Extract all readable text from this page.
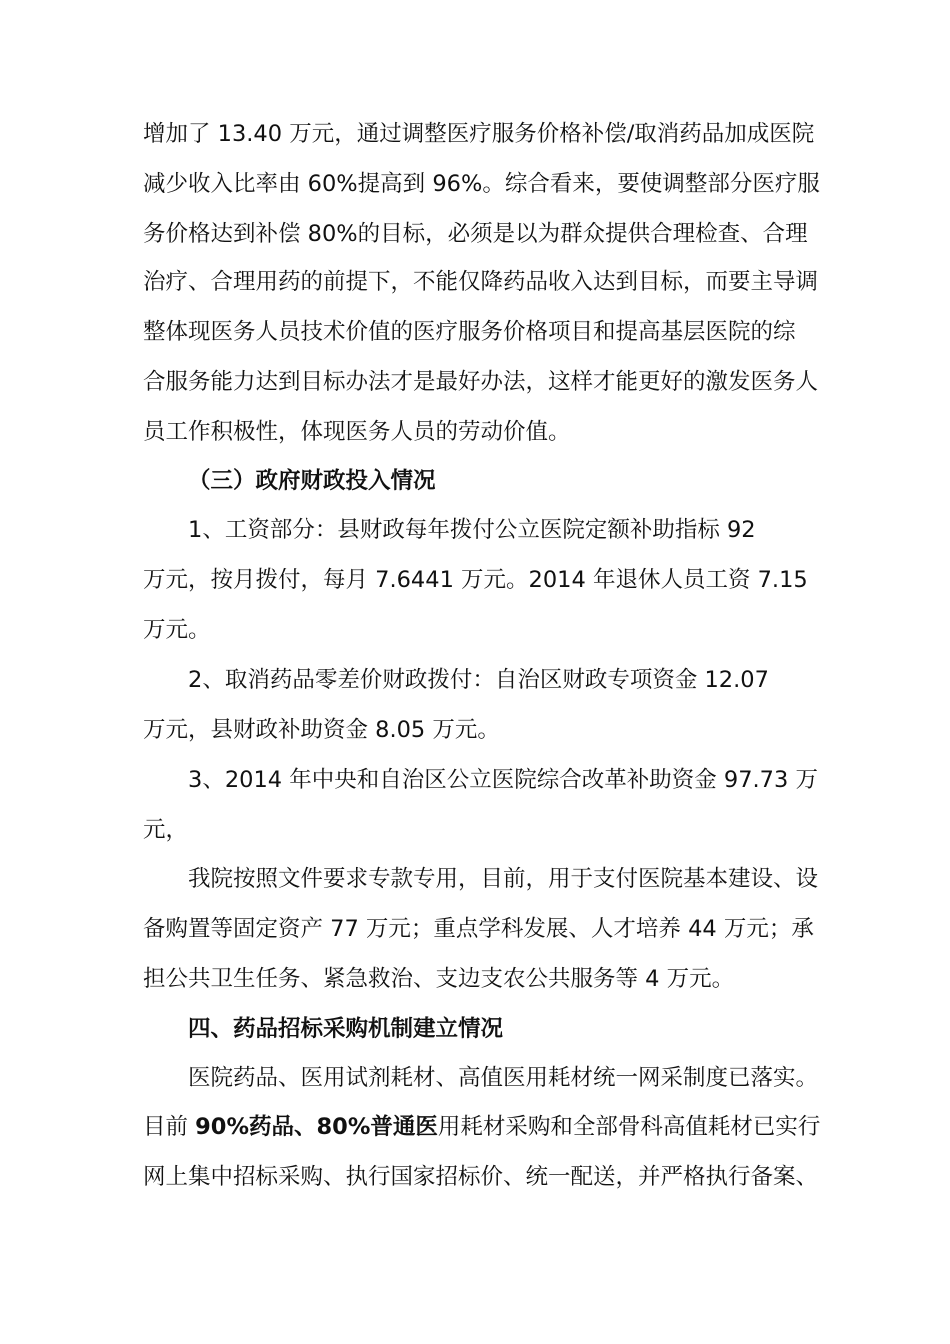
增加了 13.40 万元，通过调整医疗服务价格补偿/取消药品加成医院
减少收入比率由 60%提高到 96%。综合看来，要使调整部分医疗服
务价格达到补偿 80%的目标，必须是以为群众提供合理检查、合理
治疗、合理用药的前提下，不能仅降药品收入达到目标，而要主导调
整体现医务人员技术价值的医疗服务价格项目和提高基层医院的综
合服务能力达到目标办法才是最好办法，这样才能更好的激发医务人
员工作积极性，体现医务人员的劳动价值。
（三）政府财政投入情况
1、工资部分：县财政每年拨付公立医院定额补助指标 92
万元，按月拨付，每月 7.6441 万元。2014 年退休人员工资 7.15
万元。
2、取消药品零差价财政拨付：自治区财政专项资金 12.07
万元，县财政补助资金 8.05 万元。
3、2014 年中央和自治区公立医院综合改革补助资金 97.73 万
元，
我院按照文件要求专款专用，目前，用于支付医院基本建设、设
备购置等固定资产 77 万元；重点学科发展、人才培养 44 万元；承
担公共卫生任务、紧急救治、支边支农公共服务等 4 万元。
四、药品招标采购机制建立情况
医院药品、医用试剂耗材、高值医用耗材统一网采制度已落实。
目前 90%药品、80%普通医用耗材采购和全部骨科高值耗材已实行
网上集中招标采购、执行国家招标价、统一配送，并严格执行备案、
